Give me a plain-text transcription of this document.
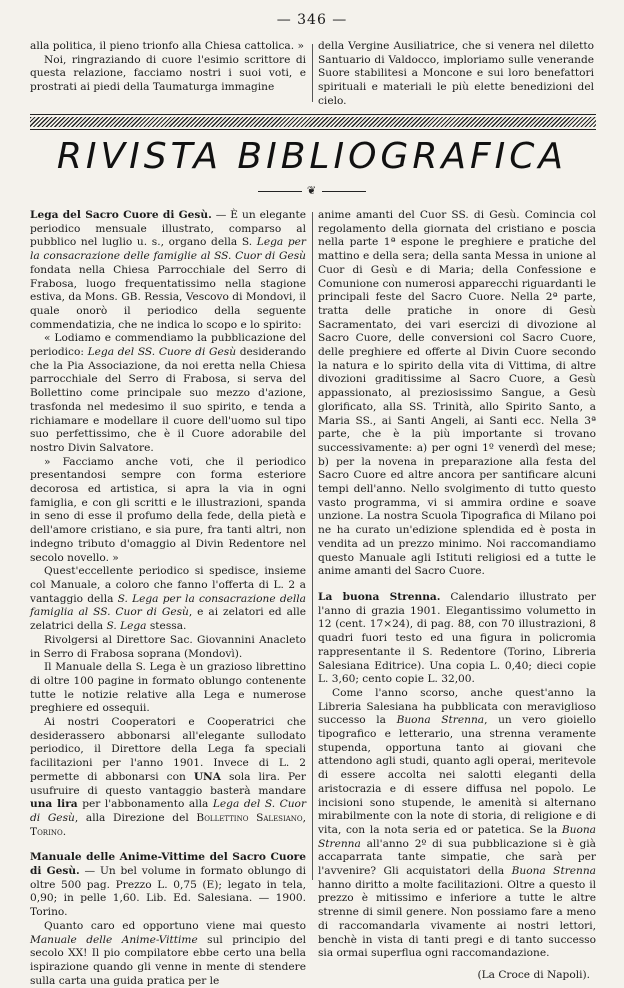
— 346 —

alla politica, il pieno trionfo alla Chiesa cattolica. »

Noi, ringraziando di cuore l'esimio scrittore di questa relazione, facciamo nostri i suoi voti, e prostrati ai piedi della Taumaturga immagine

della Vergine Ausiliatrice, che si venera nel diletto Santuario di Valdocco, imploriamo sulle venerande Suore stabilitesi a Moncone e sui loro benefattori spirituali e materiali le più elette benedizioni del cielo.

RIVISTA BIBLIOGRAFICA
❦

Lega del Sacro Cuore di Gesù. — È un elegante periodico mensuale illustrato, comparso al pubblico nel luglio u. s., organo della S. Lega per la consacrazione delle famiglie al SS. Cuor di Gesù fondata nella Chiesa Parrocchiale del Serro di Frabosa, luogo frequentatissimo nella stagione estiva, da Mons. GB. Ressia, Vescovo di Mondovi, il quale onorò il periodico della seguente commendatizia, che ne indica lo scopo e lo spirito:

« Lodiamo e commendiamo la pubblicazione del periodico: Lega del SS. Cuore di Gesù desiderando che la Pia Associazione, da noi eretta nella Chiesa parrocchiale del Serro di Frabosa, si serva del Bollettino come principale suo mezzo d'azione, trasfonda nel medesimo il suo spirito, e tenda a richiamare e modellare il cuore dell'uomo sul tipo suo perfettissimo, che è il Cuore adorabile del nostro Divin Salvatore.

» Facciamo anche voti, che il periodico presentandosi sempre con forma esteriore decorosa ed artistica, si apra la via in ogni famiglia, e con gli scritti e le illustrazioni, spanda in seno di esse il profumo della fede, della pietà e dell'amore cristiano, e sia pure, fra tanti altri, non indegno tributo d'omaggio al Divin Redentore nel secolo novello. »

Quest'eccellente periodico si spedisce, insieme col Manuale, a coloro che fanno l'offerta di L. 2 a vantaggio della S. Lega per la consacrazione della famiglia al SS. Cuor di Gesù, e ai zelatori ed alle zelatrici della S. Lega stessa.

Rivolgersi al Direttore Sac. Giovannini Anacleto in Serro di Frabosa soprana (Mondovì).

Il Manuale della S. Lega è un grazioso librettino di oltre 100 pagine in formato oblungo contenente tutte le notizie relative alla Lega e numerose preghiere ed ossequii.

Ai nostri Cooperatori e Cooperatrici che desiderassero abbonarsi all'elegante sullodato periodico, il Direttore della Lega fa speciali facilitazioni per l'anno 1901. Invece di L. 2 permette di abbonarsi con UNA sola lira. Per usufruire di questo vantaggio basterà mandare una lira per l'abbonamento alla Lega del S. Cuor di Gesù, alla Direzione del Bollettino Salesiano, Torino.

Manuale delle Anime-Vittime del Sacro Cuore di Gesù. — Un bel volume in formato oblungo di oltre 500 pag. Prezzo L. 0,75 (E); legato in tela, 0,90; in pelle 1,60. Lib. Ed. Salesiana. — 1900. Torino.

Quanto caro ed opportuno viene mai questo Manuale delle Anime-Vittime sul principio del secolo XX! Il pio compilatore ebbe certo una bella ispirazione quando gli venne in mente di stendere sulla carta una guida pratica per le

anime amanti del Cuor SS. di Gesù. Comincia col regolamento della giornata del cristiano e poscia nella parte 1ª espone le preghiere e pratiche del mattino e della sera; della santa Messa in unione al Cuor di Gesù e di Maria; della Confessione e Comunione con numerosi apparecchi riguardanti le principali feste del Sacro Cuore. Nella 2ª parte, tratta delle pratiche in onore di Gesù Sacramentato, dei vari esercizi di divozione al Sacro Cuore, delle conversioni col Sacro Cuore, delle preghiere ed offerte al Divin Cuore secondo la natura e lo spirito della vita di Vittima, di altre divozioni graditissime al Sacro Cuore, a Gesù appassionato, al preziosissimo Sangue, a Gesù glorificato, alla SS. Trinità, allo Spirito Santo, a Maria SS., ai Santi Angeli, ai Santi ecc. Nella 3ª parte, che è la più importante si trovano successivamente: a) per ogni 1º venerdì del mese; b) per la novena in preparazione alla festa del Sacro Cuore ed altre ancora per santificare alcuni tempi dell'anno. Nello svolgimento di tutto questo vasto programma, vi si ammira ordine e soave unzione. La nostra Scuola Tipografica di Milano poi ne ha curato un'edizione splendida ed è posta in vendita ad un prezzo minimo. Noi raccomandiamo questo Manuale agli Istituti religiosi ed a tutte le anime amanti del Sacro Cuore.

La buona Strenna. Calendario illustrato per l'anno di grazia 1901. Elegantissimo volumetto in 12 (cent. 17×24), di pag. 88, con 70 illustrazioni, 8 quadri fuori testo ed una figura in policromia rappresentante il S. Redentore (Torino, Libreria Salesiana Editrice). Una copia L. 0,40; dieci copie L. 3,60; cento copie L. 32,00.

Come l'anno scorso, anche quest'anno la Libreria Salesiana ha pubblicata con meraviglioso successo la Buona Strenna, un vero gioiello tipografico e letterario, una strenna veramente stupenda, opportuna tanto ai giovani che attendono agli studi, quanto agli operai, meritevole di essere accolta nei salotti eleganti della aristocrazia e di essere diffusa nel popolo. Le incisioni sono stupende, le amenità si alternano mirabilmente con la note di storia, di religione e di vita, con la nota seria ed or patetica. Se la Buona Strenna all'anno 2º di sua pubblicazione si è già accaparrata tante simpatie, che sarà per l'avvenire? Gli acquistatori della Buona Strenna hanno diritto a molte facilitazioni. Oltre a questo il prezzo è mitissimo e inferiore a tutte le altre strenne di simil genere. Non possiamo fare a meno di raccomandarla vivamente ai nostri lettori, benchè in vista di tanti pregi e di tanto successo sia ormai superflua ogni raccomandazione.

(La Croce di Napoli).
